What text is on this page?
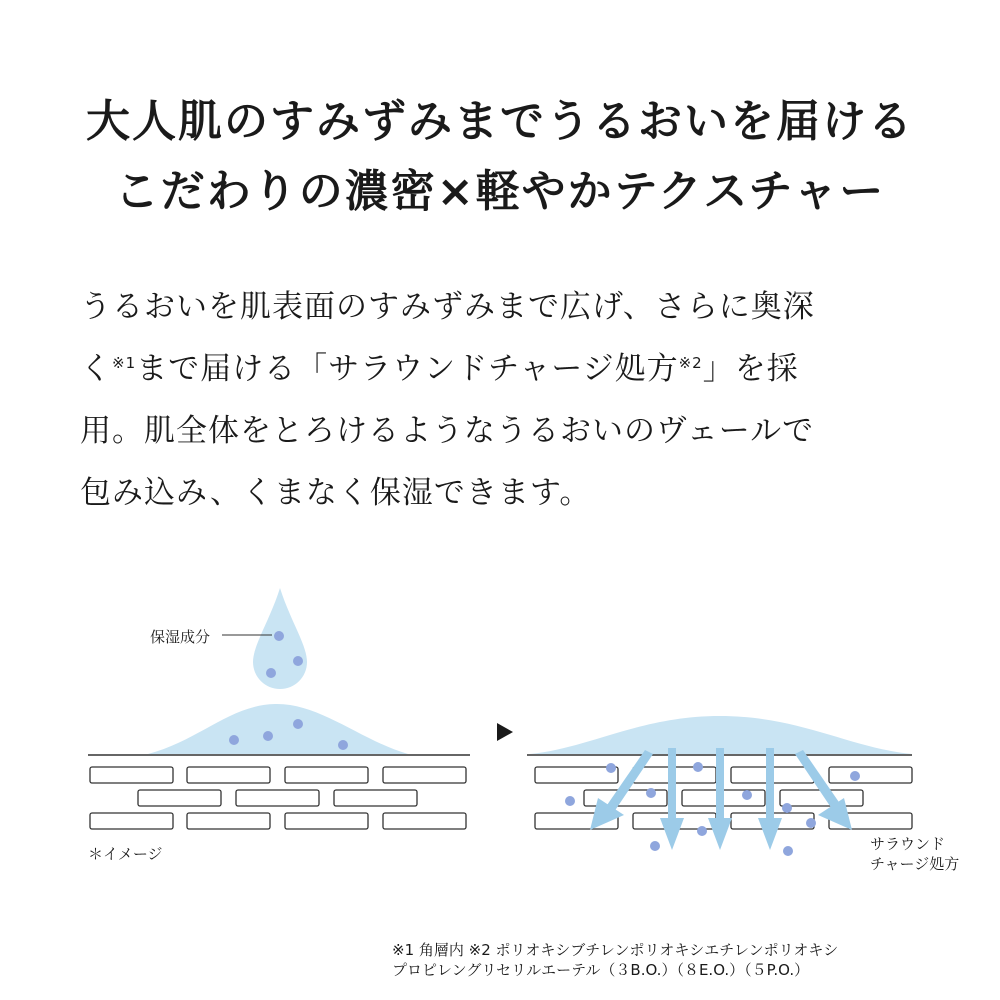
大人肌のすみずみまでうるおいを届ける
こだわりの濃密×軽やかテクスチャー

うるおいを肌表面のすみずみまで広げ、さらに奥深

く$^{※1}$まで届ける「サラウンドチャージ処方$^{※2}$」を採

用。肌全体をとろけるようなうるおいのヴェールで

包み込み、くまなく保湿できます。

保湿成分
＊イメージ
サラウンド
チャージ処方

※1 角層内 ※2 ポリオキシブチレンポリオキシエチレンポリオキシ

プロピレングリセリルエーテル（３B.O.）（８E.O.）（５P.O.）
